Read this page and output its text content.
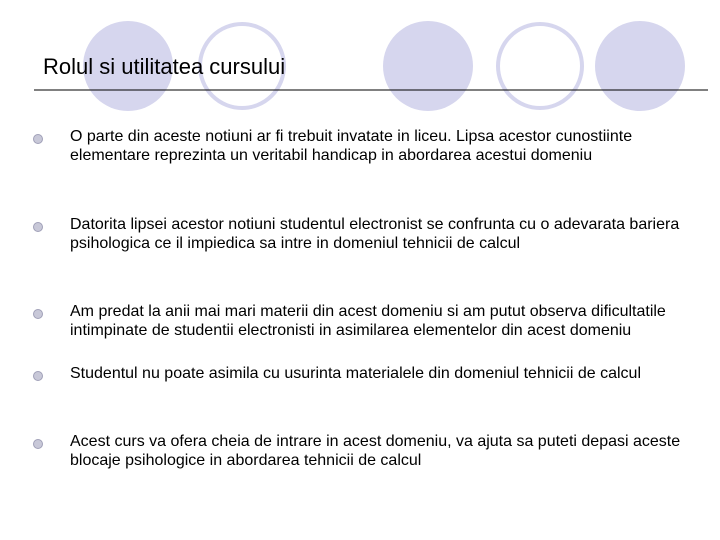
Rolul si utilitatea cursului
O parte din aceste notiuni ar fi trebuit invatate in liceu. Lipsa acestor cunostiinte elementare reprezinta un veritabil handicap in abordarea acestui domeniu
Datorita lipsei acestor notiuni studentul electronist se confrunta cu o adevarata bariera psihologica ce il impiedica sa intre in domeniul tehnicii de calcul
Am predat la anii mai mari materii din acest domeniu si am putut observa dificultatile intimpinate de studentii electronisti in asimilarea elementelor din acest domeniu
Studentul nu poate asimila cu usurinta materialele din domeniul tehnicii de calcul
Acest curs va ofera cheia de intrare in acest domeniu, va ajuta sa puteti depasi aceste blocaje psihologice in abordarea tehnicii de calcul
